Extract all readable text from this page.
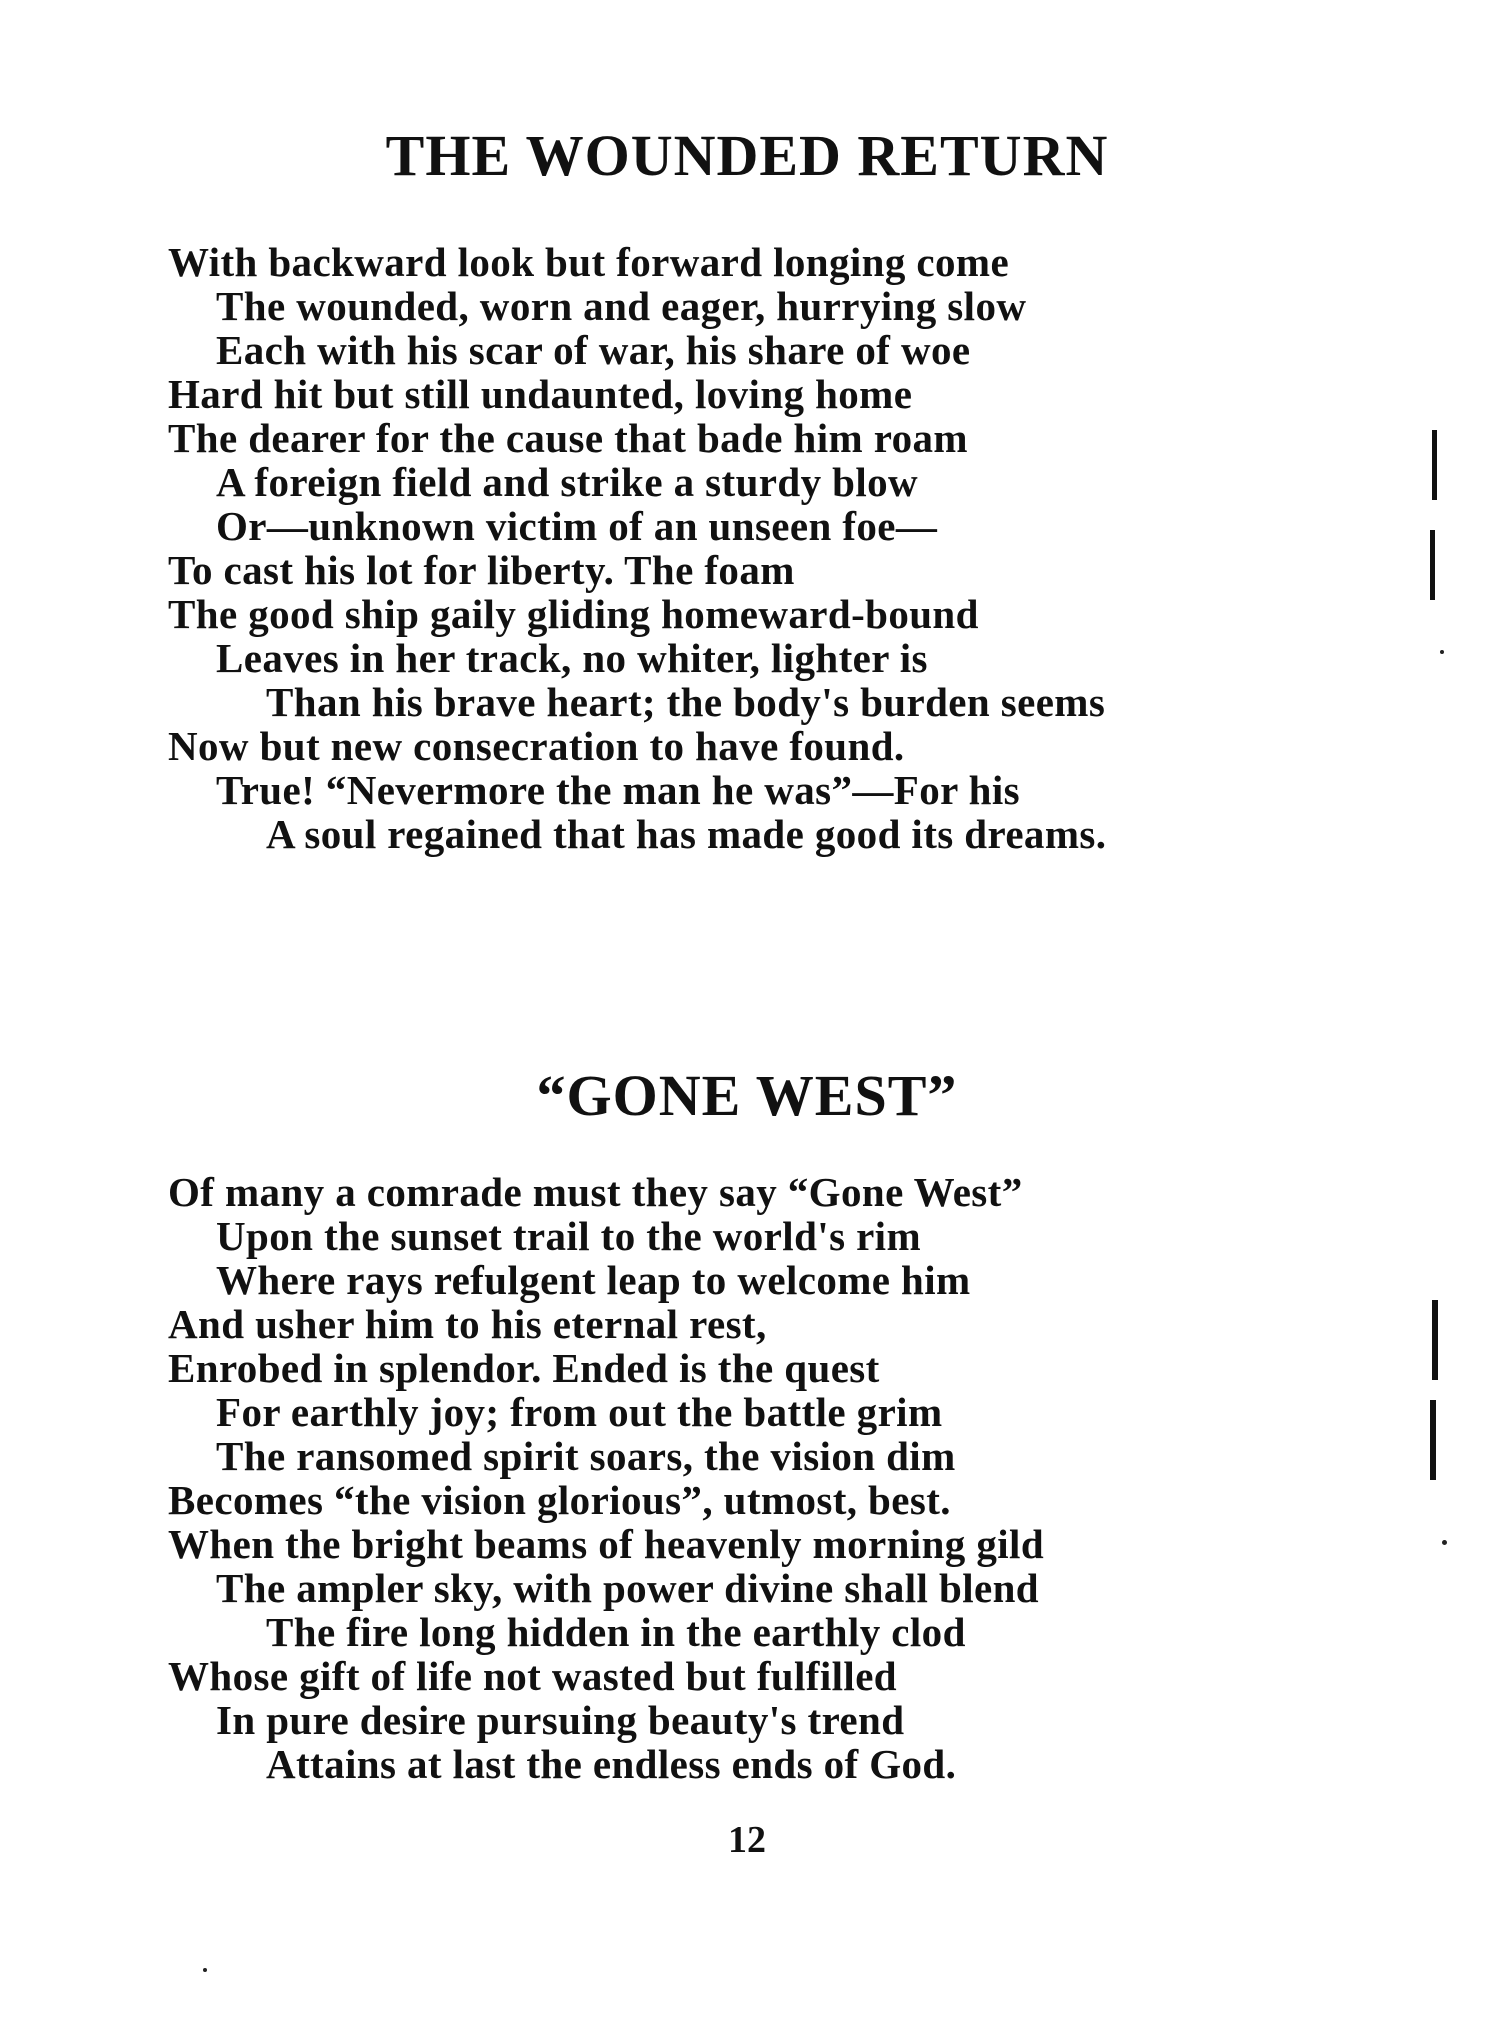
THE WOUNDED RETURN
With backward look but forward longing come
The wounded, worn and eager, hurrying slow
Each with his scar of war, his share of woe
Hard hit but still undaunted, loving home
The dearer for the cause that bade him roam
A foreign field and strike a sturdy blow
Or—unknown victim of an unseen foe—
To cast his lot for liberty. The foam
The good ship gaily gliding homeward-bound
Leaves in her track, no whiter, lighter is
Than his brave heart; the body's burden seems
Now but new consecration to have found.
True! “Nevermore the man he was”—For his
A soul regained that has made good its dreams.
“GONE WEST”
Of many a comrade must they say “Gone West”
Upon the sunset trail to the world's rim
Where rays refulgent leap to welcome him
And usher him to his eternal rest,
Enrobed in splendor. Ended is the quest
For earthly joy; from out the battle grim
The ransomed spirit soars, the vision dim
Becomes “the vision glorious”, utmost, best.
When the bright beams of heavenly morning gild
The ampler sky, with power divine shall blend
The fire long hidden in the earthly clod
Whose gift of life not wasted but fulfilled
In pure desire pursuing beauty's trend
Attains at last the endless ends of God.

12
